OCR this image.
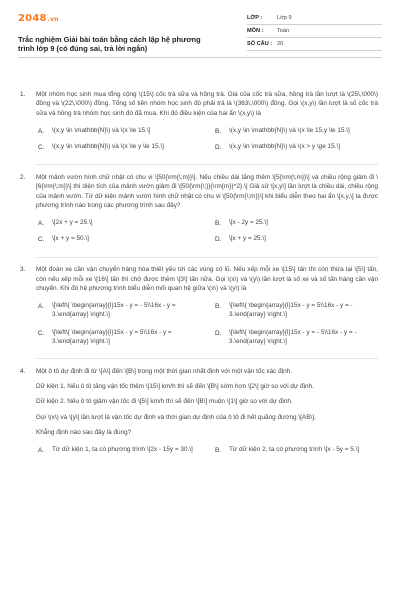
2048.vn
Trắc nghiệm Giải bài toán bằng cách lập hệ phương trình lớp 9 (có đúng sai, trả lời ngắn)
LỚP :	Lớp 9
MÔN :	Toán
SỐ CÂU : 20
1. Một nhóm học sinh mua tổng cộng \(15\) cốc trà sữa và hồng trà. Giá của cốc trà sữa, hồng trà lần lượt là \(25\,\000\) đồng và \(22\,\000\) đồng. Tổng số tiền nhóm học sinh đó phải trả là \(363\,\000\) đồng. Gọi \(x,y\) lần lượt là số cốc trà sữa và hồng trà nhóm học sinh đó đã mua. Khi đó điều kiện của hai ẩn \(x,y\) là

A.	\(x,y \in \mathbb{N}\) và \(x \le 15.\]	B.	\(x,y \in \mathbb{N}\) và \(x \le 15,y \le 15.\]
C.	\(x,y \in \mathbb{N}\) và \(x \le y \le 15.\]	D.	\(x,y \in \mathbb{N}\) và \(x > y \ge 15.\]
2. Một mảnh vườn hình chữ nhật có chu vi \[50{\rm{\;m}}\]. Nếu chiều dài tăng thêm \[5{\rm{\;m}}\] và chiều rộng giảm đi \[6{\rm{\;m}}\] thì diện tích của mảnh vườn giảm đi \[50{\rm{\;}}{\rm{m}}^2}.\] Giả sử \[x,y\] lần lượt là chiều dài, chiều rộng của mảnh vườn. Từ dữ kiện mảnh vườn hình chữ nhật có chu vi \[50{\rm{\;m}}\] khi biểu diễn theo hai ẩn \[x,y,\] ta được phương trình nào trong các phương trình sau đây?

A.	\[2x + y = 25.\]	B.	\[x - 2y = 25.\]
C.	\[x + y = 50.\]	D.	\[x + y = 25.\]
3. Một đoàn xe cần vận chuyển hàng hóa thiết yếu tới các vùng có lũ. Nếu xếp mỗi xe \[15\] tấn thì còn thừa lại \[5\] tấn, còn nếu xếp mỗi xe \[16\] tấn thì chở được thêm \[3\] tấn nữa. Gọi \(x\) và \(y\) lần lượt là số xe và số tấn hàng cần vận chuyển. Khi đó hệ phương trình biểu diễn mối quan hệ giữa \(x\) và \(y\) là

A.	\[\left\{ \begin{array}{l}15x - y = - 5\\16x - y = 3.\end{array} \right.\]
B.	\[\left\{ \begin{array}{l}15x - y = 5\\16x - y = - 3.\end{array} \right.\]
C.	\[\left\{ \begin{array}{l}15x - y = 5\\16x - y = 3.\end{array} \right.\]
D.	\[\left\{ \begin{array}{l}15x - y = - 5\\16x - y = - 3.\end{array} \right.\]
4. Một ô tô dự định đi từ \[A\] đến \[B\] trong một thời gian nhất định với một vận tốc xác định.

Dữ kiện 1. Nếu ô tô tăng vận tốc thêm \[15\] km/h thì sẽ đến \[B\] sớm hơn \[2\] giờ so với dự định.

Dữ kiện 2. Nếu ô tô giảm vận tốc đi \[5\] km/h thì sẽ đến \[B\] muộn \[1\] giờ so với dự định.

Gọi \(x\) và \[y\] lần lượt là vận tốc dự định và thời gian dự định của ô tô đi hết quãng đường \[AB\].

Khẳng định nào sau đây là đúng?

A.	Từ dữ kiện 1, ta có phương trình \[2x - 15y = 30.\]	B.	Từ dữ kiện 2, ta có phương trình \[x - 5y = 5.\]
